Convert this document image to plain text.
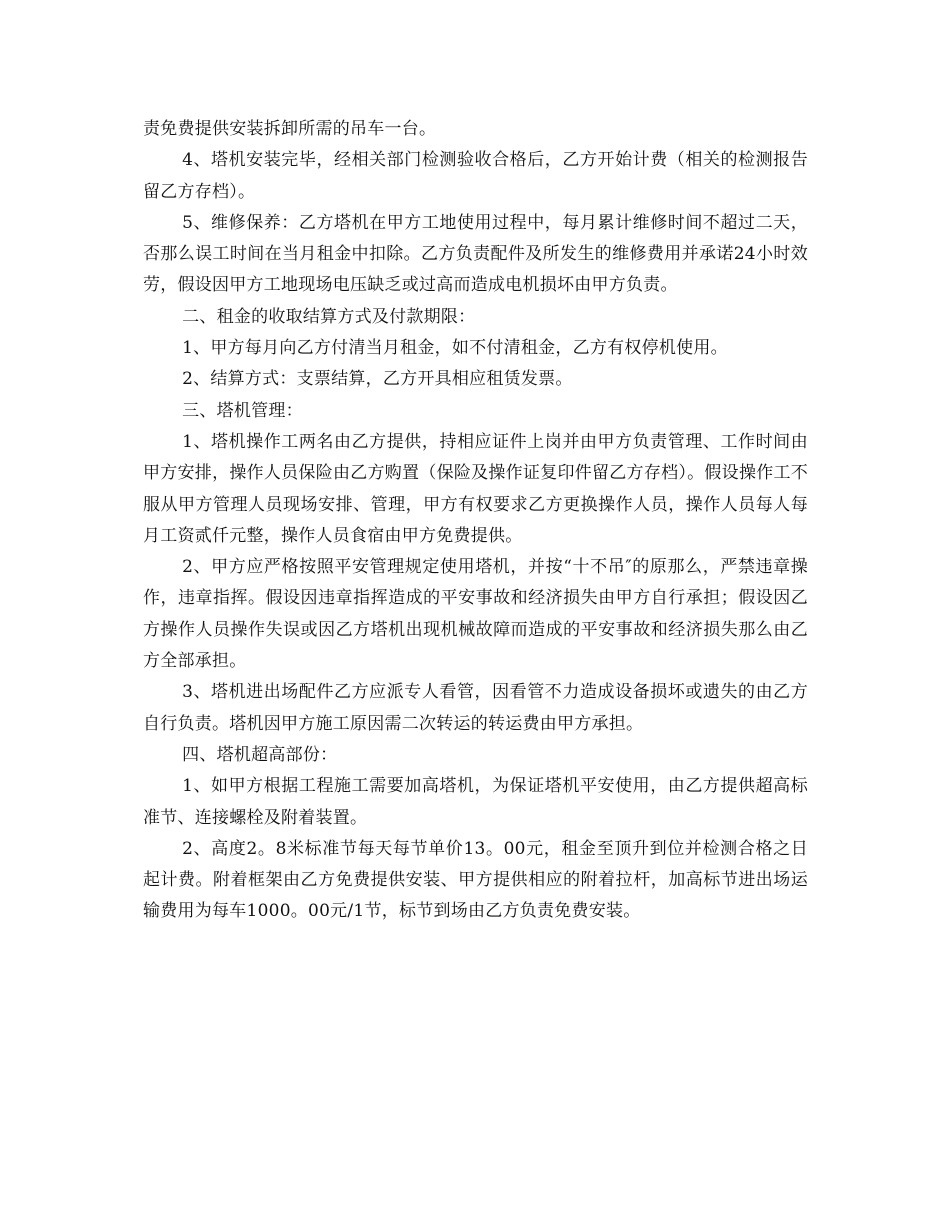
责免费提供安装拆卸所需的吊车一台。

4、塔机安装完毕，经相关部门检测验收合格后，乙方开始计费（相关的检测报告留乙方存档）。

5、维修保养：乙方塔机在甲方工地使用过程中，每月累计维修时间不超过二天，否那么误工时间在当月租金中扣除。乙方负责配件及所发生的维修费用并承诺24小时效劳，假设因甲方工地现场电压缺乏或过高而造成电机损坏由甲方负责。

二、租金的收取结算方式及付款期限：

1、甲方每月向乙方付清当月租金，如不付清租金，乙方有权停机使用。

2、结算方式：支票结算，乙方开具相应租赁发票。

三、塔机管理：

1、塔机操作工两名由乙方提供，持相应证件上岗并由甲方负责管理、工作时间由甲方安排，操作人员保险由乙方购置（保险及操作证复印件留乙方存档）。假设操作工不服从甲方管理人员现场安排、管理，甲方有权要求乙方更换操作人员，操作人员每人每月工资贰仟元整，操作人员食宿由甲方免费提供。

2、甲方应严格按照平安管理规定使用塔机，并按“十不吊″的原那么，严禁违章操作，违章指挥。假设因违章指挥造成的平安事故和经济损失由甲方自行承担；假设因乙方操作人员操作失误或因乙方塔机出现机械故障而造成的平安事故和经济损失那么由乙方全部承担。

3、塔机进出场配件乙方应派专人看管，因看管不力造成设备损坏或遗失的由乙方自行负责。塔机因甲方施工原因需二次转运的转运费由甲方承担。

四、塔机超高部份：

1、如甲方根据工程施工需要加高塔机，为保证塔机平安使用，由乙方提供超高标准节、连接螺栓及附着装置。

2、高度2。8米标准节每天每节单价13。00元，租金至顶升到位并检测合格之日起计费。附着框架由乙方免费提供安装、甲方提供相应的附着拉杆，加高标节进出场运输费用为每车1000。00元/1节，标节到场由乙方负责免费安装。
